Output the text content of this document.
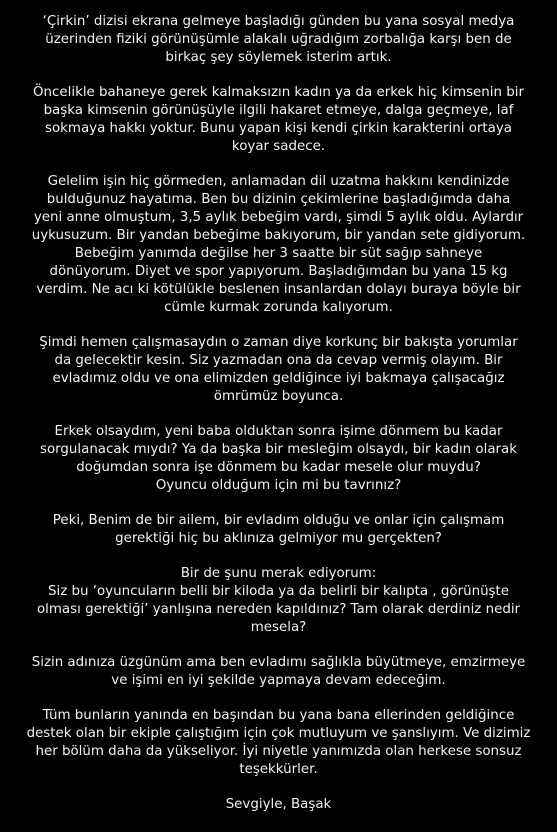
‘Çirkin’ dizisi ekrana gelmeye başladığı günden bu yana sosyal medya
üzerinden fiziki görünüşümle alakalı uğradığım zorbalığa karşı ben de
birkaç şey söylemek isterim artık.
Öncelikle bahaneye gerek kalmaksızın kadın ya da erkek hiç kimsenin bir
başka kimsenin görünüşüyle ilgili hakaret etmeye, dalga geçmeye, laf
sokmaya hakkı yoktur. Bunu yapan kişi kendi çirkin karakterini ortaya
koyar sadece.
Gelelim işin hiç görmeden, anlamadan dil uzatma hakkını kendinizde
bulduğunuz hayatıma. Ben bu dizinin çekimlerine başladığımda daha
yeni anne olmuştum, 3,5 aylık bebeğim vardı, şimdi 5 aylık oldu. Aylardır
uykusuzum. Bir yandan bebeğime bakıyorum, bir yandan sete gidiyorum.
Bebeğim yanımda değilse her 3 saatte bir süt sağıp sahneye
dönüyorum. Diyet ve spor yapıyorum. Başladığımdan bu yana 15 kg
verdim. Ne acı ki kötülükle beslenen insanlardan dolayı buraya böyle bir
cümle kurmak zorunda kalıyorum.
Şimdi hemen çalışmasaydın o zaman diye korkunç bir bakışta yorumlar
da gelecektir kesin. Siz yazmadan ona da cevap vermiş olayım. Bir
evladımız oldu ve ona elimizden geldiğince iyi bakmaya çalışacağız
ömrümüz boyunca.
Erkek olsaydım, yeni baba olduktan sonra işime dönmem bu kadar
sorgulanacak mıydı? Ya da başka bir mesleğim olsaydı, bir kadın olarak
doğumdan sonra işe dönmem bu kadar mesele olur muydu?
Oyuncu olduğum için mi bu tavrınız?
Peki, Benim de bir ailem, bir evladım olduğu ve onlar için çalışmam
gerektiği hiç bu aklınıza gelmiyor mu gerçekten?
Bir de şunu merak ediyorum:
Siz bu ‘oyuncuların belli bir kiloda ya da belirli bir kalıpta , görünüşte
olması gerektiği’ yanlışına nereden kapıldınız? Tam olarak derdiniz nedir
mesela?
Sizin adınıza üzgünüm ama ben evladımı sağlıkla büyütmeye, emzirmeye
ve işimi en iyi şekilde yapmaya devam edeceğim.
Tüm bunların yanında en başından bu yana bana ellerinden geldiğince
destek olan bir ekiple çalıştığım için çok mutluyum ve şanslıyım. Ve dizimiz
her bölüm daha da yükseliyor. İyi niyetle yanımızda olan herkese sonsuz
teşekkürler.
Sevgiyle, Başak
